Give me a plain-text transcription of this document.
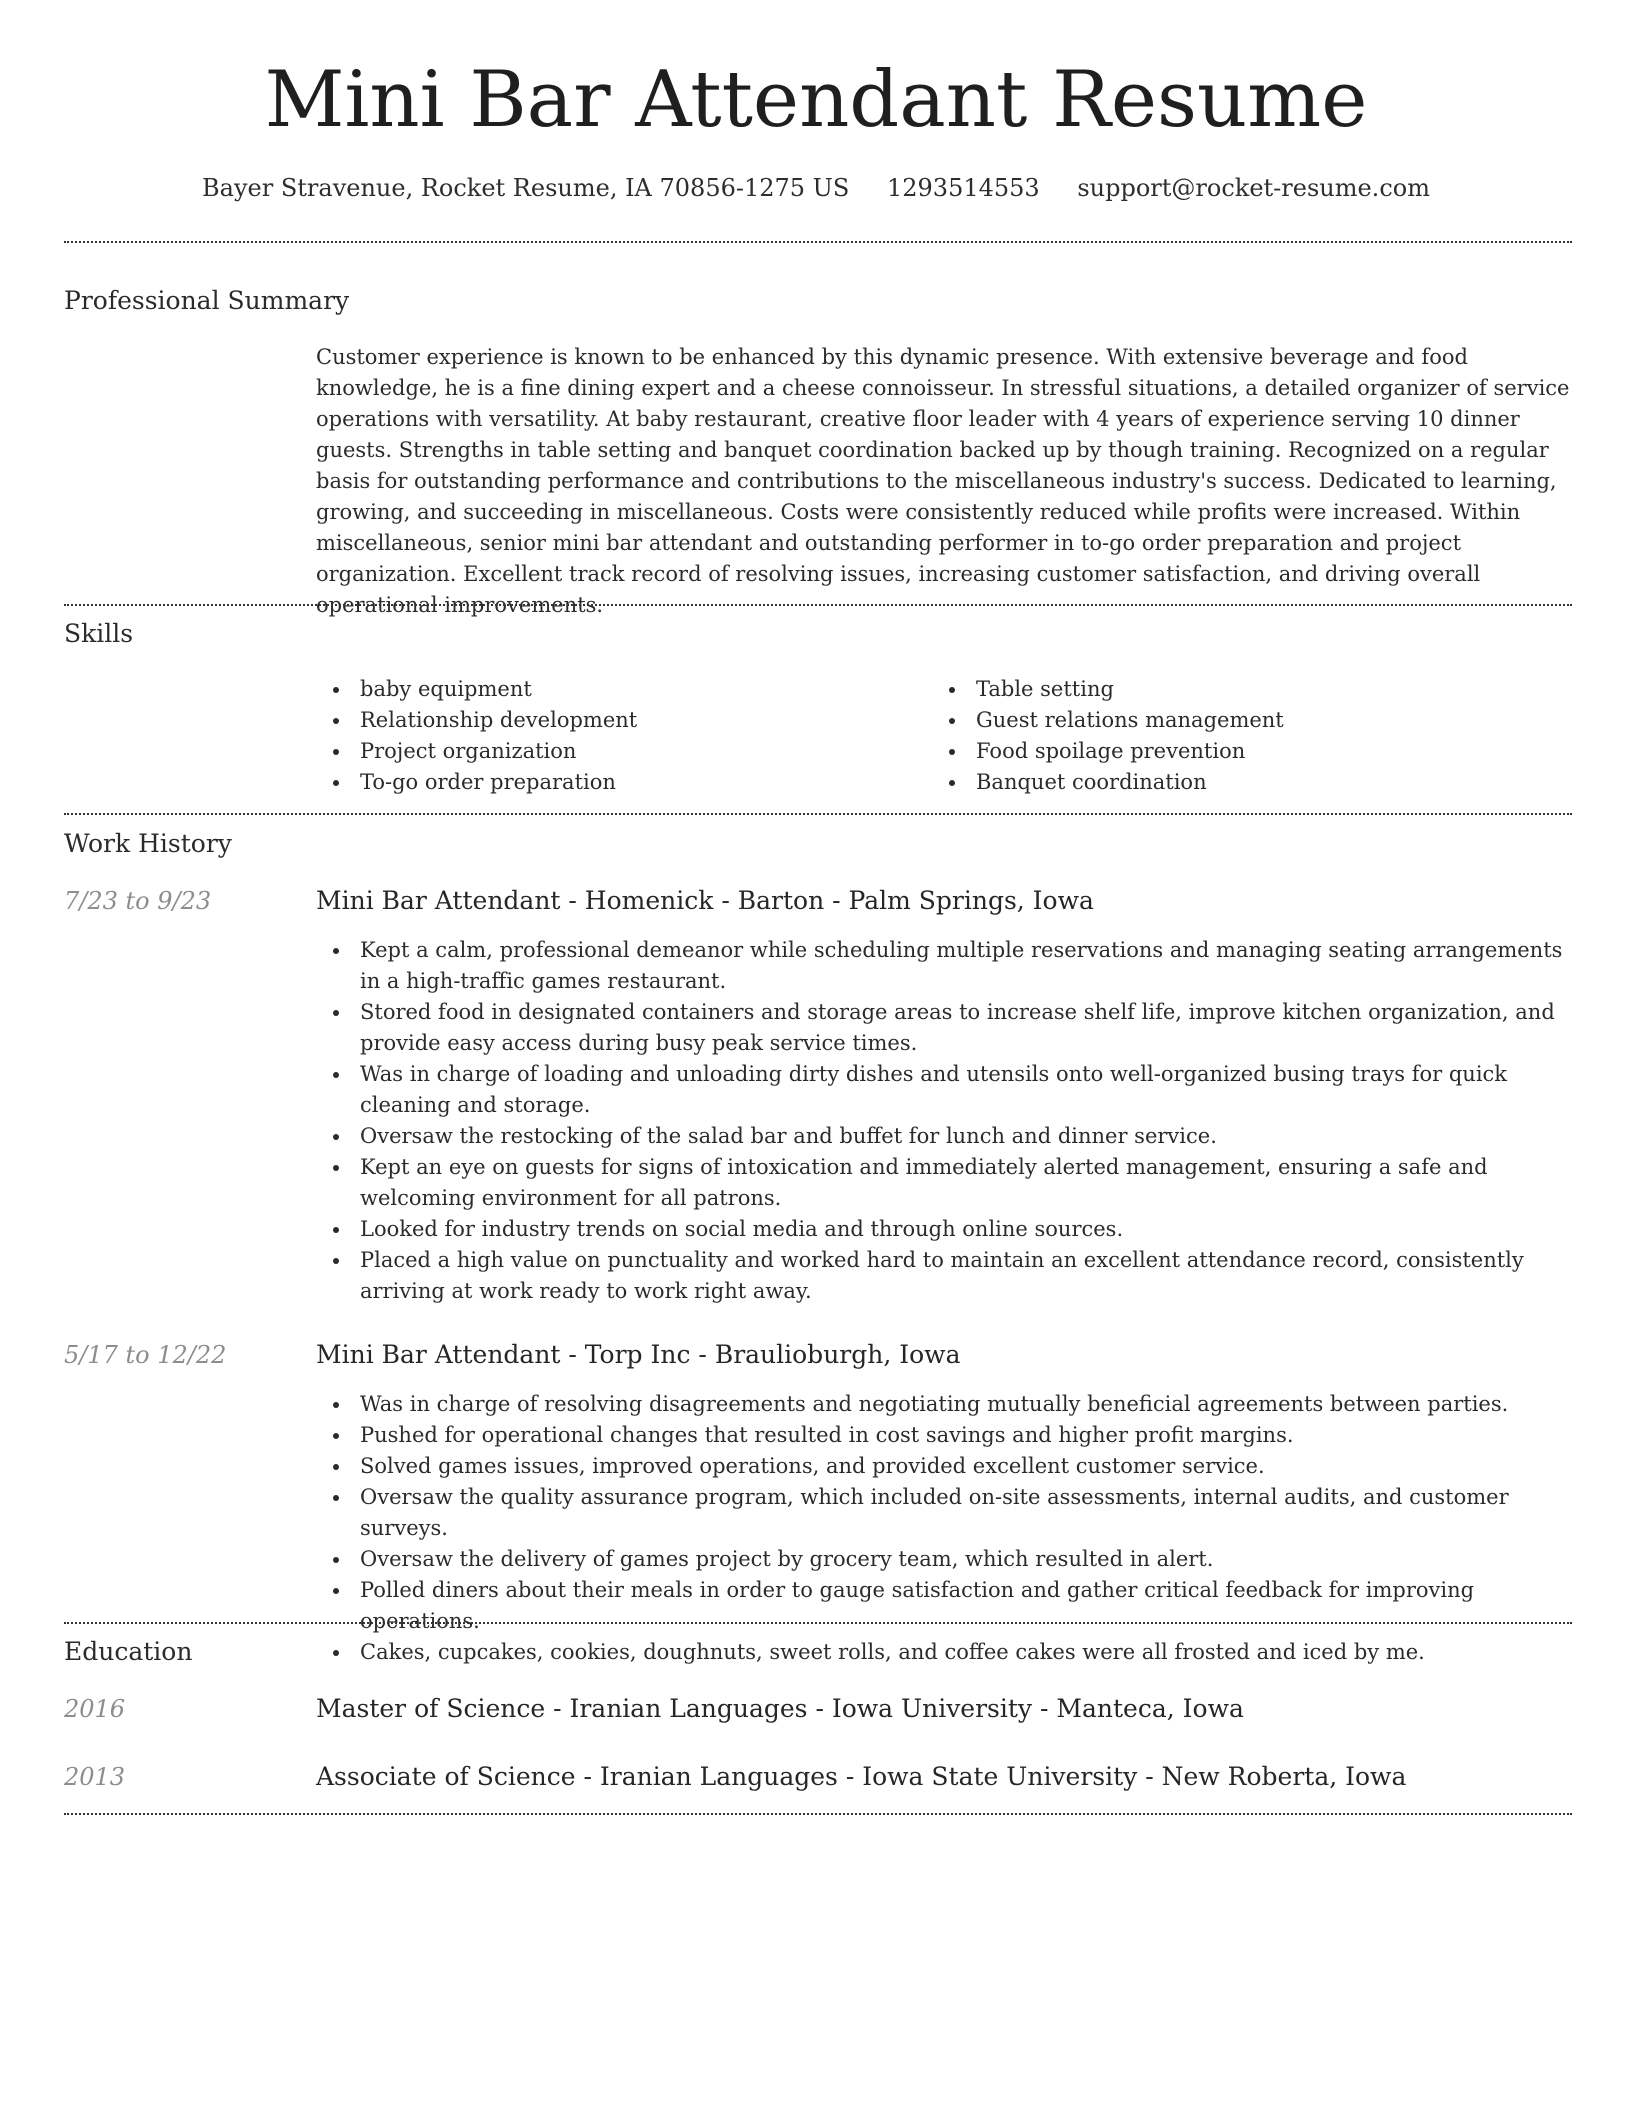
Mini Bar Attendant Resume
Bayer Stravenue, Rocket Resume, IA 70856-1275 US 1293514553 support@rocket-resume.com
Professional Summary

Customer experience is known to be enhanced by this dynamic presence. With extensive beverage and food knowledge, he is a fine dining expert and a cheese connoisseur. In stressful situations, a detailed organizer of service operations with versatility. At baby restaurant, creative floor leader with 4 years of experience serving 10 dinner guests. Strengths in table setting and banquet coordination backed up by though training. Recognized on a regular basis for outstanding performance and contributions to the miscellaneous industry's success. Dedicated to learning, growing, and succeeding in miscellaneous. Costs were consistently reduced while profits were increased. Within miscellaneous, senior mini bar attendant and outstanding performer in to-go order preparation and project organization. Excellent track record of resolving issues, increasing customer satisfaction, and driving overall operational improvements.

Skills
baby equipment
Relationship development
Project organization
To-go order preparation
Table setting
Guest relations management
Food spoilage prevention
Banquet coordination
Work History
7/23 to 9/23	Mini Bar Attendant - Homenick - Barton - Palm Springs, Iowa
Kept a calm, professional demeanor while scheduling multiple reservations and managing seating arrangements in a high-traffic games restaurant.
Stored food in designated containers and storage areas to increase shelf life, improve kitchen organization, and provide easy access during busy peak service times.
Was in charge of loading and unloading dirty dishes and utensils onto well-organized busing trays for quick cleaning and storage.
Oversaw the restocking of the salad bar and buffet for lunch and dinner service.
Kept an eye on guests for signs of intoxication and immediately alerted management, ensuring a safe and welcoming environment for all patrons.
Looked for industry trends on social media and through online sources.
Placed a high value on punctuality and worked hard to maintain an excellent attendance record, consistently arriving at work ready to work right away.
5/17 to 12/22	Mini Bar Attendant - Torp Inc - Braulioburgh, Iowa
Was in charge of resolving disagreements and negotiating mutually beneficial agreements between parties.
Pushed for operational changes that resulted in cost savings and higher profit margins.
Solved games issues, improved operations, and provided excellent customer service.
Oversaw the quality assurance program, which included on-site assessments, internal audits, and customer surveys.
Oversaw the delivery of games project by grocery team, which resulted in alert.
Polled diners about their meals in order to gauge satisfaction and gather critical feedback for improving operations.
Cakes, cupcakes, cookies, doughnuts, sweet rolls, and coffee cakes were all frosted and iced by me.
Education
2016	Master of Science - Iranian Languages - Iowa University - Manteca, Iowa
2013	Associate of Science - Iranian Languages - Iowa State University - New Roberta, Iowa
